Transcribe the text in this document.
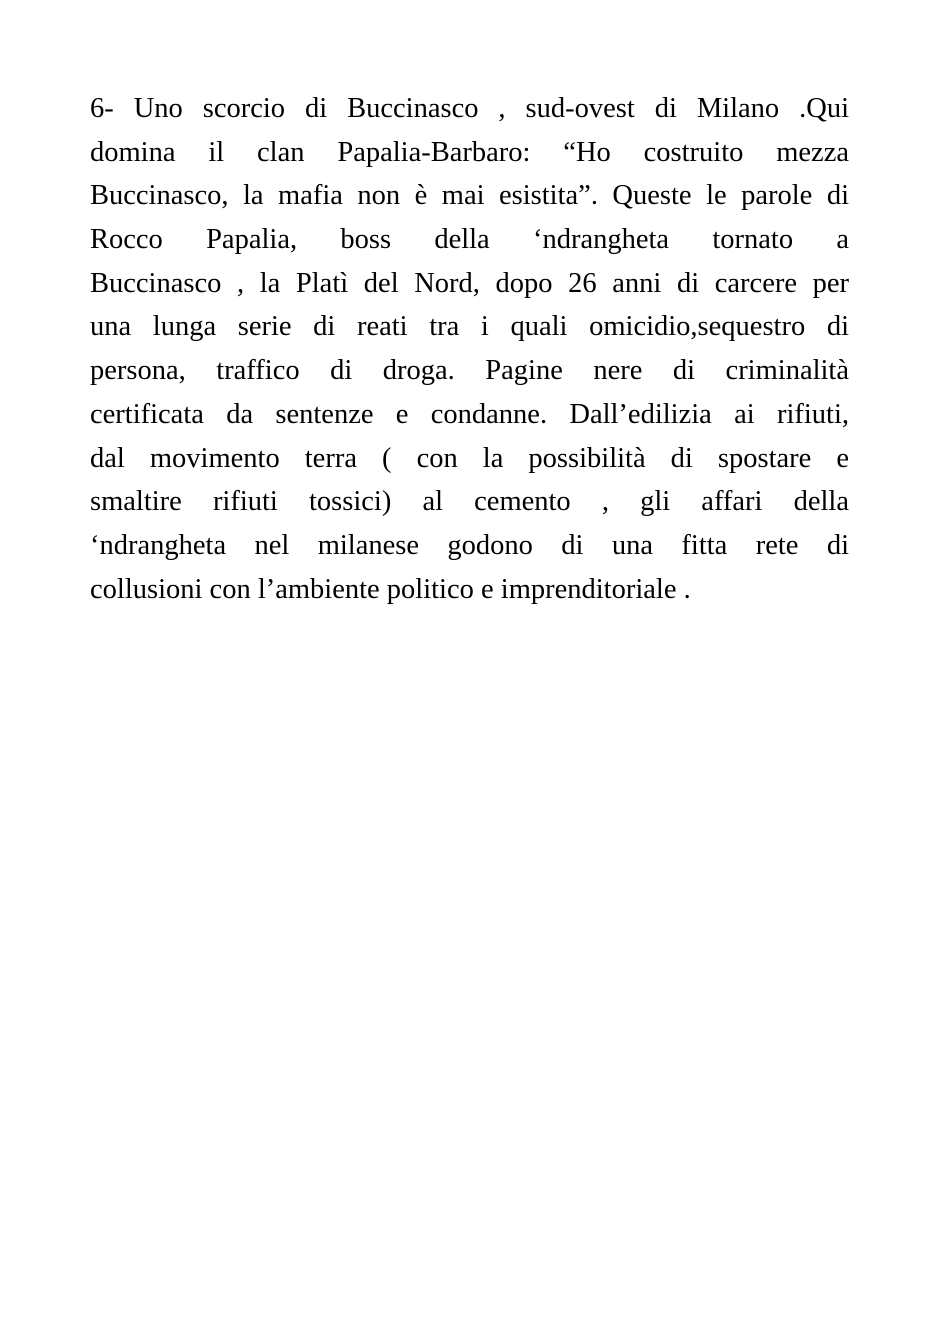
6- Uno scorcio di Buccinasco , sud-ovest di Milano .Qui
domina il clan Papalia-Barbaro: “Ho costruito mezza
Buccinasco, la mafia non è mai esistita”. Queste le parole di
Rocco Papalia, boss della ‘ndrangheta tornato a
Buccinasco , la Platì del Nord, dopo 26 anni di carcere per
una lunga serie di reati tra i quali omicidio,sequestro di
persona, traffico di droga. Pagine nere di criminalità
certificata da sentenze e condanne. Dall’edilizia ai rifiuti,
dal movimento terra ( con la possibilità di spostare e
smaltire rifiuti tossici) al cemento , gli affari della
‘ndrangheta nel milanese godono di una fitta rete di
collusioni con l’ambiente politico e imprenditoriale .
